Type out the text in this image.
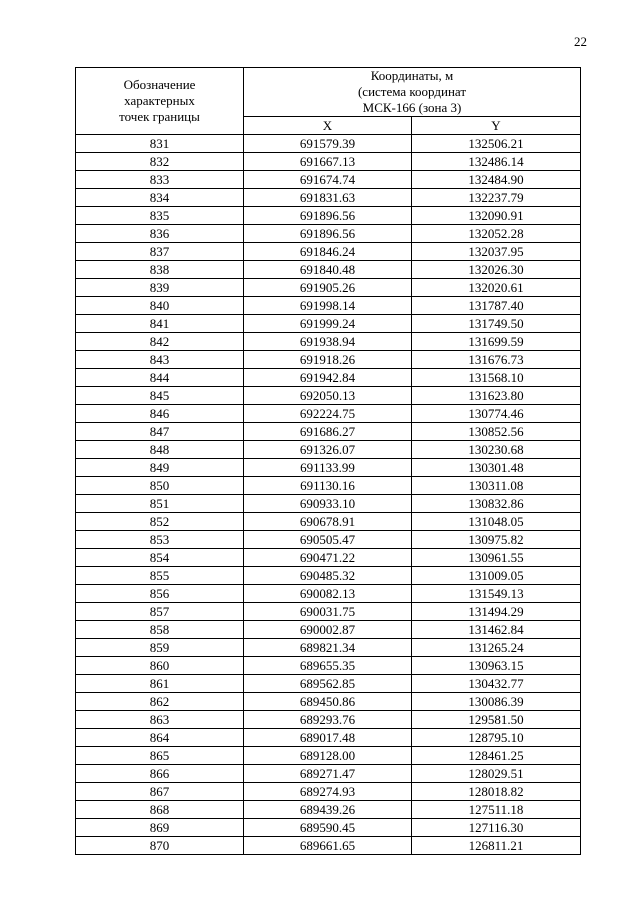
22
Обозначение
характерных
точек границы	Координаты, м
(система координат
МСК-166 (зона 3)	

	X	Y
831	691579.39	132506.21
832	691667.13	132486.14
833	691674.74	132484.90
834	691831.63	132237.79
835	691896.56	132090.91
836	691896.56	132052.28
837	691846.24	132037.95
838	691840.48	132026.30
839	691905.26	132020.61
840	691998.14	131787.40
841	691999.24	131749.50
842	691938.94	131699.59
843	691918.26	131676.73
844	691942.84	131568.10
845	692050.13	131623.80
846	692224.75	130774.46
847	691686.27	130852.56
848	691326.07	130230.68
849	691133.99	130301.48
850	691130.16	130311.08
851	690933.10	130832.86
852	690678.91	131048.05
853	690505.47	130975.82
854	690471.22	130961.55
855	690485.32	131009.05
856	690082.13	131549.13
857	690031.75	131494.29
858	690002.87	131462.84
859	689821.34	131265.24
860	689655.35	130963.15
861	689562.85	130432.77
862	689450.86	130086.39
863	689293.76	129581.50
864	689017.48	128795.10
865	689128.00	128461.25
866	689271.47	128029.51
867	689274.93	128018.82
868	689439.26	127511.18
869	689590.45	127116.30
870	689661.65	126811.21
